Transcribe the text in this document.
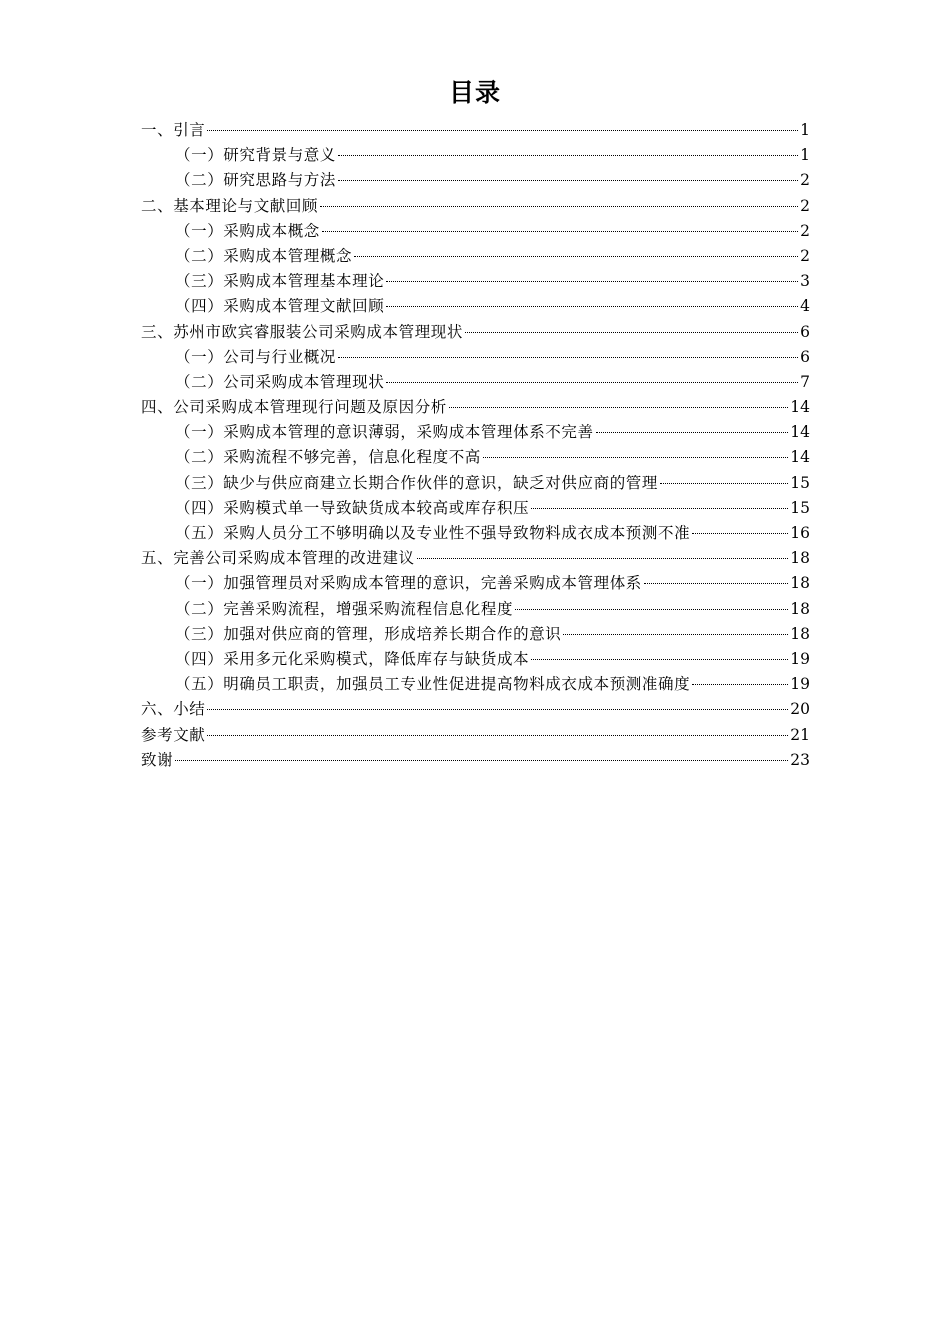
目录
一、引言	1
（一）研究背景与意义	1
（二）研究思路与方法	2
二、基本理论与文献回顾	2
（一）采购成本概念	2
（二）采购成本管理概念	2
（三）采购成本管理基本理论	3
（四）采购成本管理文献回顾	4
三、苏州市欧宾睿服装公司采购成本管理现状	6
（一）公司与行业概况	6
（二）公司采购成本管理现状	7
四、公司采购成本管理现行问题及原因分析	14
（一）采购成本管理的意识薄弱，采购成本管理体系不完善	14
（二）采购流程不够完善，信息化程度不高	14
（三）缺少与供应商建立长期合作伙伴的意识，缺乏对供应商的管理	15
（四）采购模式单一导致缺货成本较高或库存积压	15
（五）采购人员分工不够明确以及专业性不强导致物料成衣成本预测不准	16
五、完善公司采购成本管理的改进建议	18
（一）加强管理员对采购成本管理的意识，完善采购成本管理体系	18
（二）完善采购流程，增强采购流程信息化程度	18
（三）加强对供应商的管理，形成培养长期合作的意识	18
（四）采用多元化采购模式，降低库存与缺货成本	19
（五）明确员工职责，加强员工专业性促进提高物料成衣成本预测准确度	19
六、小结	20
参考文献	21
致谢	23
